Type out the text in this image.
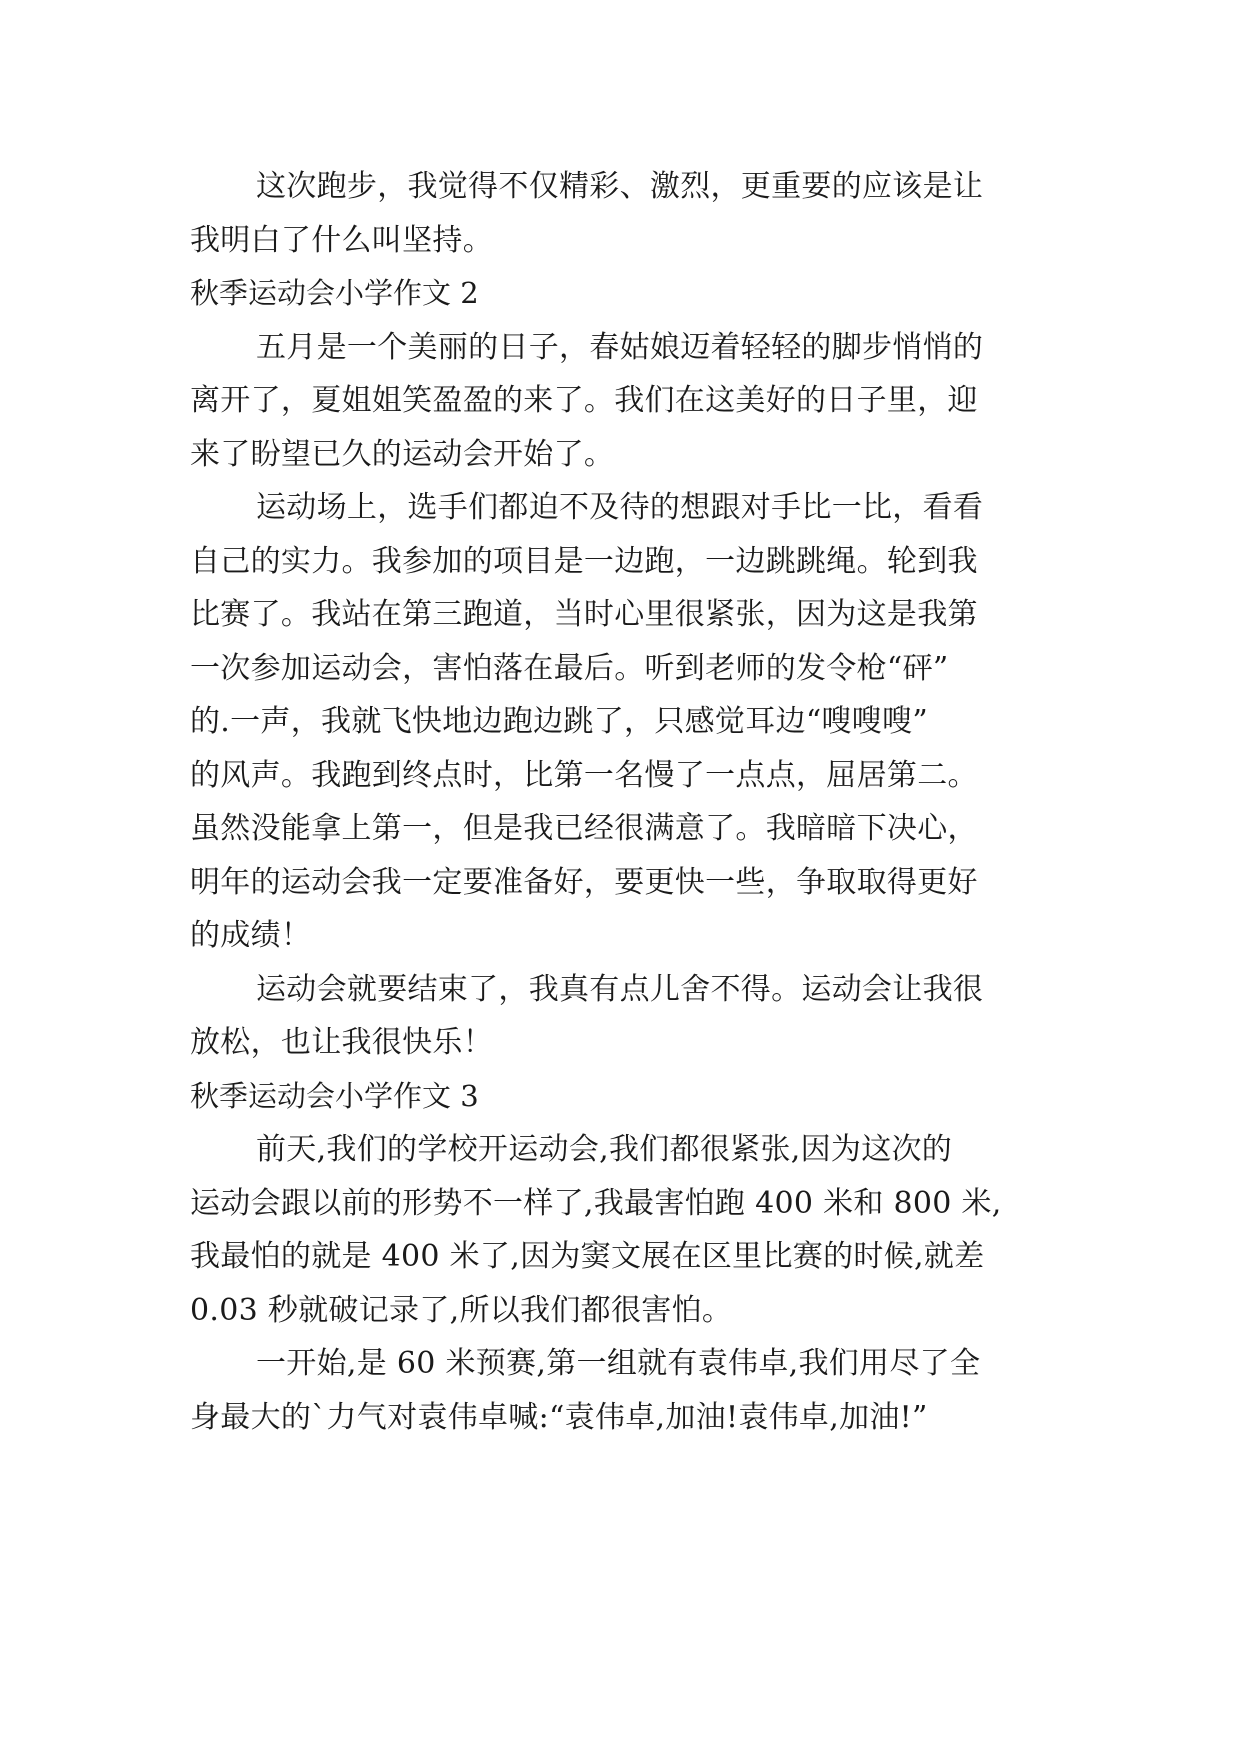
这次跑步，我觉得不仅精彩、激烈，更重要的应该是让
我明白了什么叫坚持。
秋季运动会小学作文 2
五月是一个美丽的日子，春姑娘迈着轻轻的脚步悄悄的
离开了，夏姐姐笑盈盈的来了。我们在这美好的日子里，迎
来了盼望已久的运动会开始了。
运动场上，选手们都迫不及待的想跟对手比一比，看看
自己的实力。我参加的项目是一边跑，一边跳跳绳。轮到我
比赛了。我站在第三跑道，当时心里很紧张，因为这是我第
一次参加运动会，害怕落在最后。听到老师的发令枪“砰”
的.一声，我就飞快地边跑边跳了，只感觉耳边“嗖嗖嗖”
的风声。我跑到终点时，比第一名慢了一点点，屈居第二。
虽然没能拿上第一，但是我已经很满意了。我暗暗下决心，
明年的运动会我一定要准备好，要更快一些，争取取得更好
的成绩！
运动会就要结束了，我真有点儿舍不得。运动会让我很
放松，也让我很快乐！
秋季运动会小学作文 3
前天,我们的学校开运动会,我们都很紧张,因为这次的
运动会跟以前的形势不一样了,我最害怕跑 400 米和 800 米,
我最怕的就是 400 米了,因为窦文展在区里比赛的时候,就差
0.03 秒就破记录了,所以我们都很害怕。
一开始,是 60 米预赛,第一组就有袁伟卓,我们用尽了全
身最大的`力气对袁伟卓喊:“袁伟卓,加油!袁伟卓,加油!”
